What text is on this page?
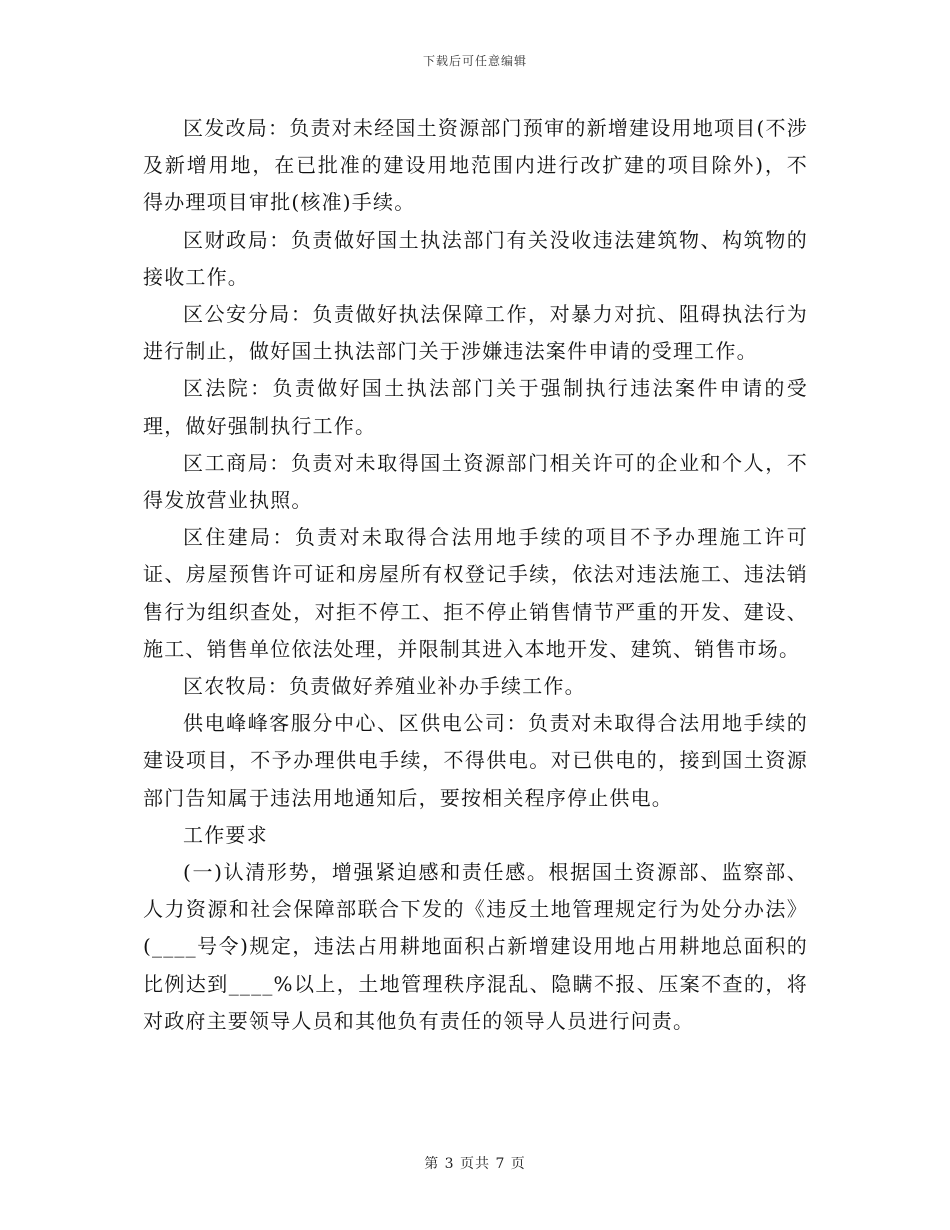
下载后可任意编辑

区发改局：负责对未经国土资源部门预审的新增建设用地项目(不涉及新增用地，在已批准的建设用地范围内进行改扩建的项目除外)，不得办理项目审批(核准)手续。

区财政局：负责做好国土执法部门有关没收违法建筑物、构筑物的接收工作。

区公安分局：负责做好执法保障工作，对暴力对抗、阻碍执法行为进行制止，做好国土执法部门关于涉嫌违法案件申请的受理工作。

区法院：负责做好国土执法部门关于强制执行违法案件申请的受理，做好强制执行工作。

区工商局：负责对未取得国土资源部门相关许可的企业和个人，不得发放营业执照。

区住建局：负责对未取得合法用地手续的项目不予办理施工许可证、房屋预售许可证和房屋所有权登记手续，依法对违法施工、违法销售行为组织查处，对拒不停工、拒不停止销售情节严重的开发、建设、施工、销售单位依法处理，并限制其进入本地开发、建筑、销售市场。

区农牧局：负责做好养殖业补办手续工作。

供电峰峰客服分中心、区供电公司：负责对未取得合法用地手续的建设项目，不予办理供电手续，不得供电。对已供电的，接到国土资源部门告知属于违法用地通知后，要按相关程序停止供电。

工作要求

(一)认清形势，增强紧迫感和责任感。根据国土资源部、监察部、人力资源和社会保障部联合下发的《违反土地管理规定行为处分办法》(____号令)规定，违法占用耕地面积占新增建设用地占用耕地总面积的比例达到____%以上，土地管理秩序混乱、隐瞒不报、压案不查的，将对政府主要领导人员和其他负有责任的领导人员进行问责。

第 3 页共 7 页
